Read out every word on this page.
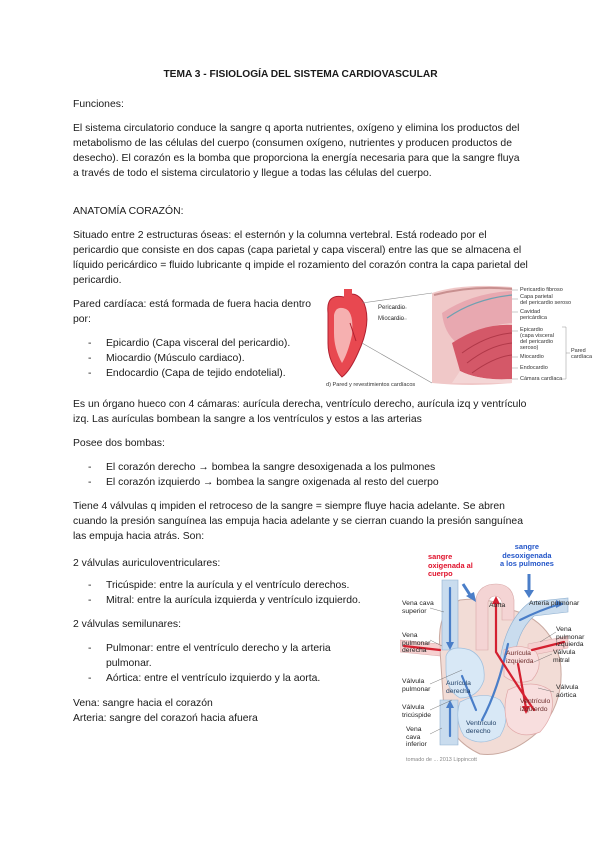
TEMA 3 - FISIOLOGÍA DEL SISTEMA CARDIOVASCULAR

Funciones:

El sistema circulatorio conduce la sangre q aporta nutrientes, oxígeno y elimina los productos del metabolismo de las células del cuerpo (consumen oxígeno, nutrientes y producen productos de desecho). El corazón es la bomba que proporciona la energía necesaria para que la sangre fluya a través de todo el sistema circulatorio y llegue a todas las células del cuerpo.

ANATOMÍA CORAZÓN:

Situado entre 2 estructuras óseas: el esternón y la columna vertebral. Está rodeado por el pericardio que consiste en dos capas (capa parietal y capa visceral) entre las que se almacena el líquido pericárdico = fluido lubricante q impide el rozamiento del corazón contra la capa parietal del pericardio.

Pared cardíaca: está formada de fuera hacia dentro por:

- Epicardio (Capa visceral del pericardio).
- Miocardio (Músculo cardiaco).
- Endocardio (Capa de tejido endotelial).
Pericardio
Miocardio
Pericardio fibroso
Capa parietal
del pericardio seroso
Cavidad
pericárdica
Epicardio
(capa visceral
del pericardio
seroso)
Miocardio
Endocardio
Cámara cardíaca
Pared
cardíaca
d) Pared y revestimientos cardíacos

Es un órgano hueco con 4 cámaras: aurícula derecha, ventrículo derecho, aurícula izq y ventrículo izq. Las aurículas bombean la sangre a los ventrículos y estos a las arterias

Posee dos bombas:

- El corazón derecho → bombea la sangre desoxigenada a los pulmones
- El corazón izquierdo → bombea la sangre oxigenada al resto del cuerpo

Tiene 4 válvulas q impiden el retroceso de la sangre = siempre fluye hacia adelante. Se abren cuando la presión sanguínea las empuja hacia adelante y se cierran cuando la presión sanguínea las empuja hacia atrás. Son:

2 válvulas auriculoventriculares:

- Tricúspide: entre la aurícula y el ventrículo derechos.
- Mitral: entre la aurícula izquierda y ventrículo izquierdo.

2 válvulas semilunares:

- Pulmonar: entre el ventrículo derecho y la arteria pulmonar.
- Aórtica: entre el ventrículo izquierdo y la aorta.

Vena: sangre hacia el corazón

Arteria: sangre del corazoń hacia afuera

sangre
oxigenada al
cuerpo
sangre
desoxigenada
a los pulmones
Vena cava
superior
Aorta	Arteria pulmonar
Vena
pulmonar
derecha
Vena
pulmonar
izquierda
Aurícula
izquierda
Válvula
mitral
Válvula
pulmonar
Aurícula
derecha
Válvula
tricúspide
Ventrículo
izquierdo
Válvula
aórtica
Vena
cava
inferior
Ventrículo
derecho
tomado de ... 2013 Lippincott
